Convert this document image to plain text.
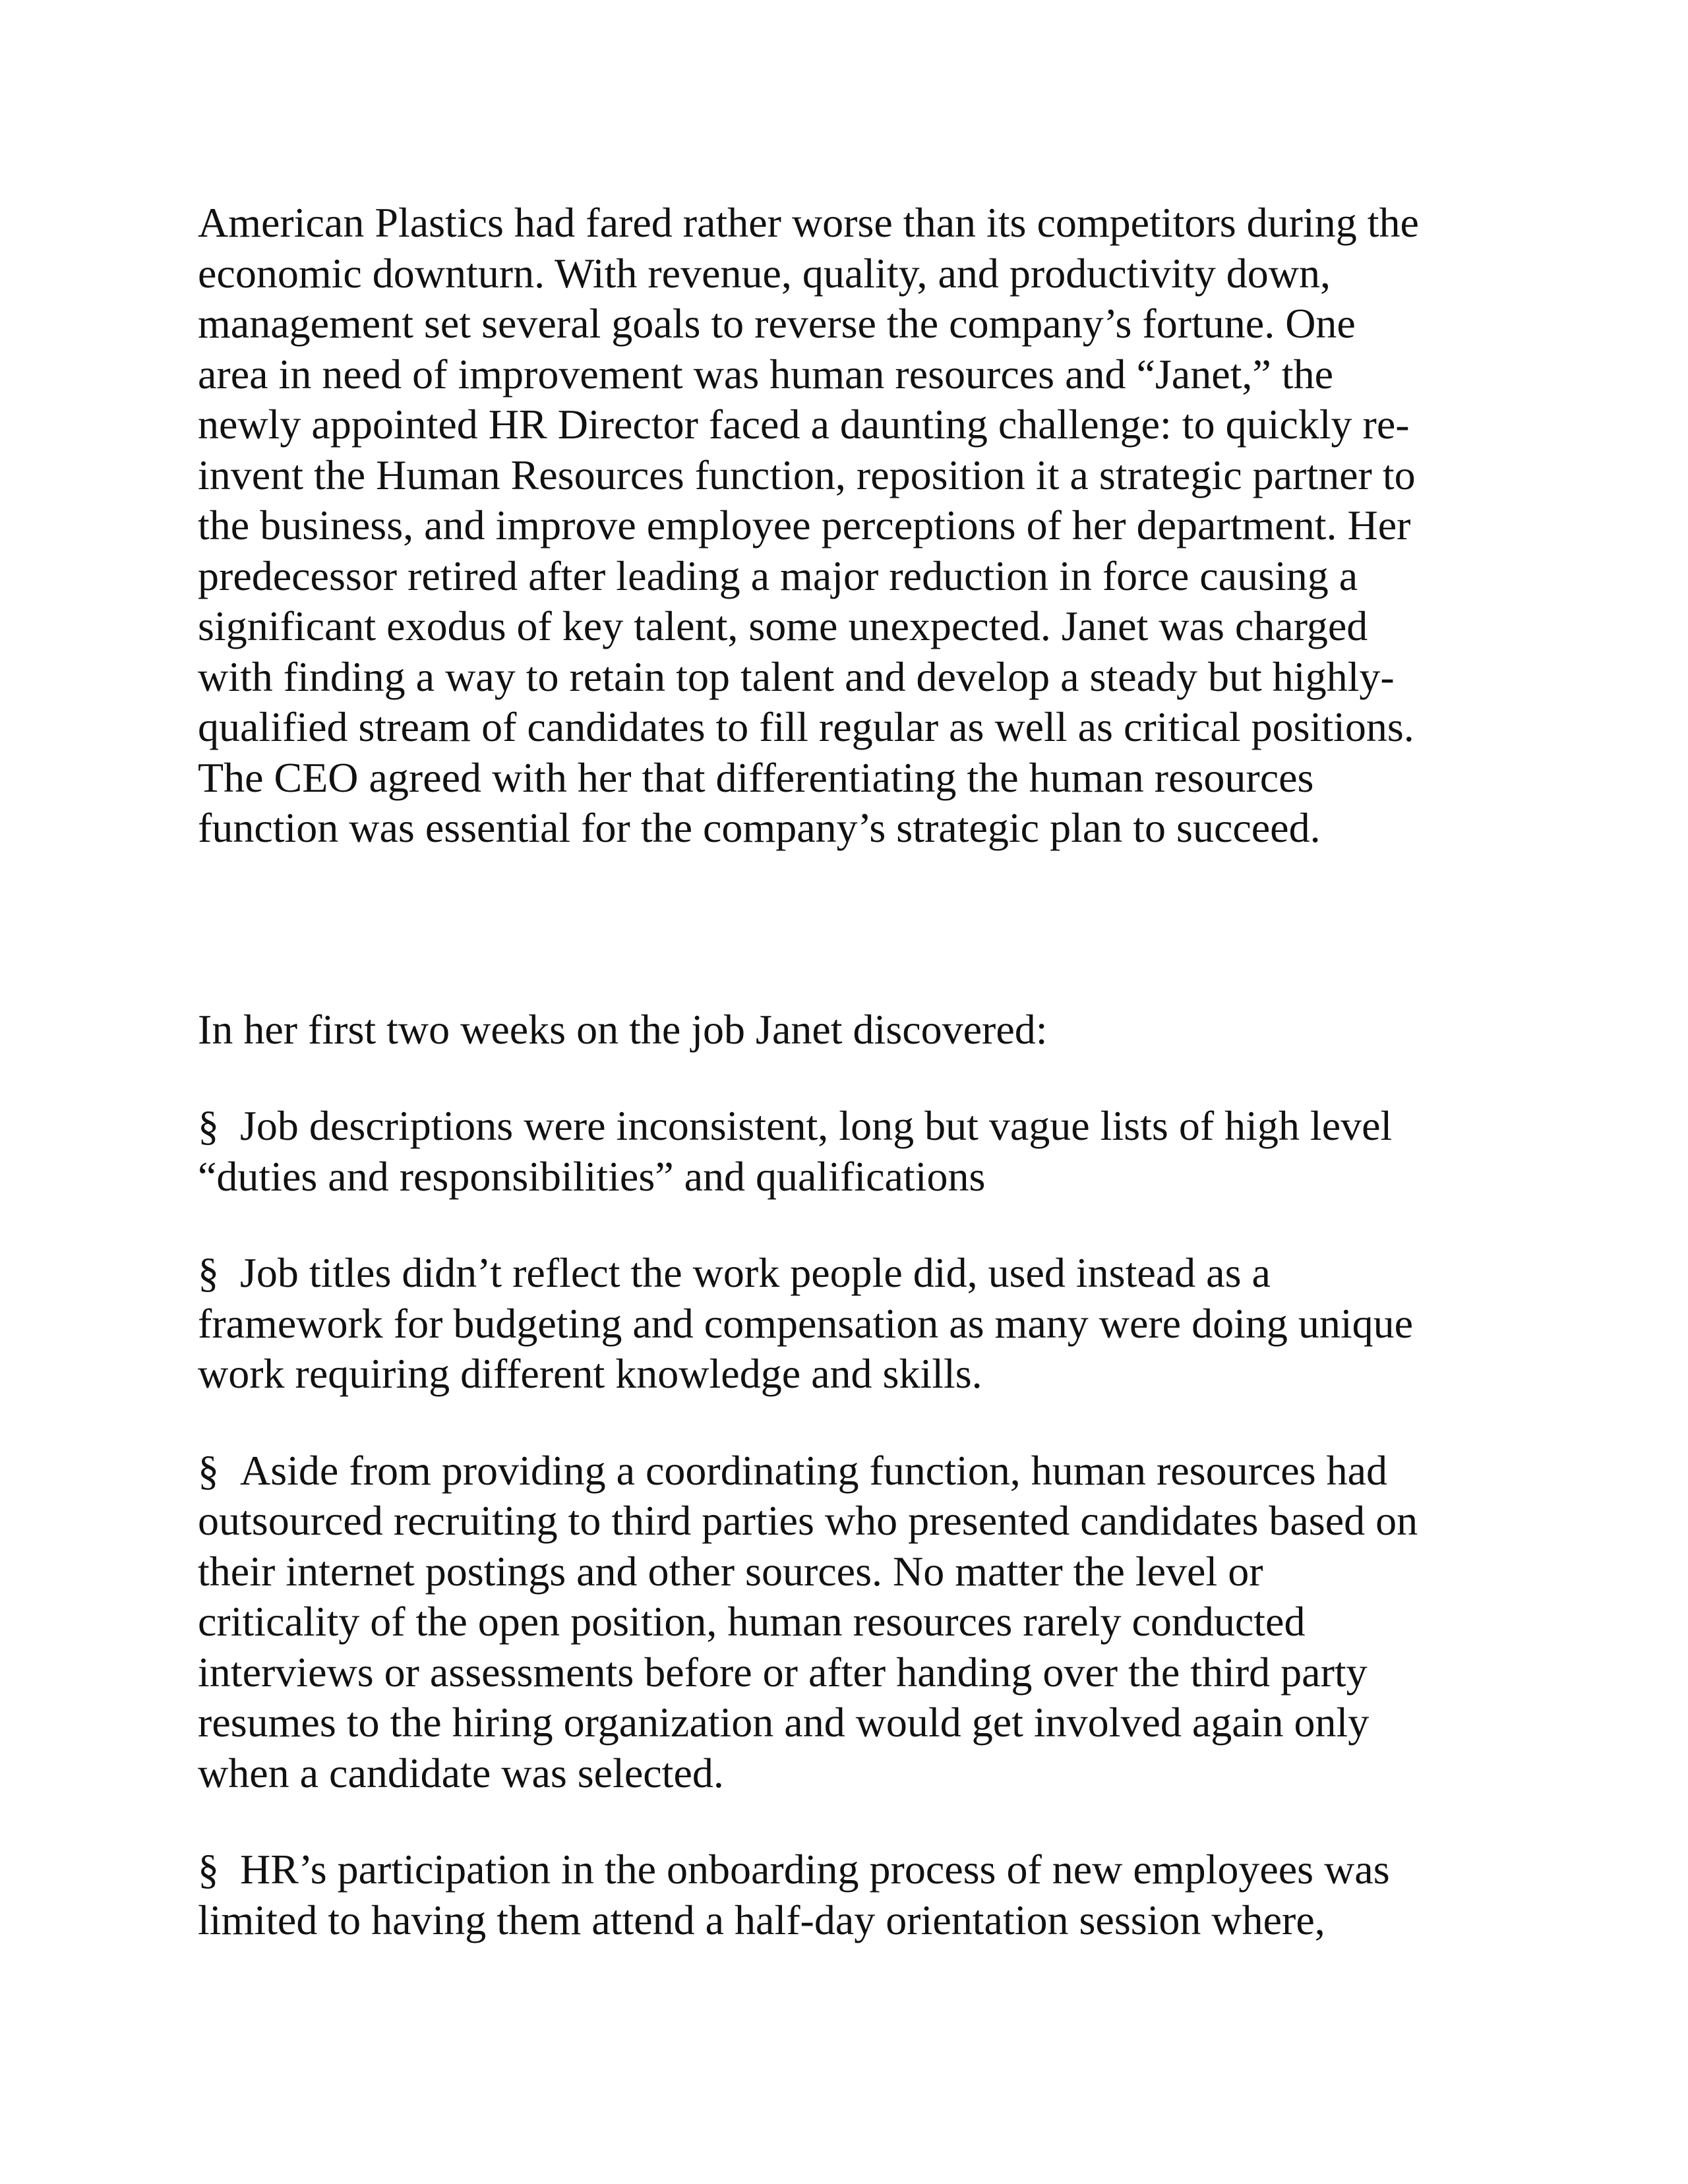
American Plastics had fared rather worse than its competitors during the
economic downturn. With revenue, quality, and productivity down,
management set several goals to reverse the company’s fortune. One
area in need of improvement was human resources and “Janet,” the
newly appointed HR Director faced a daunting challenge: to quickly re-
invent the Human Resources function, reposition it a strategic partner to
the business, and improve employee perceptions of her department. Her
predecessor retired after leading a major reduction in force causing a
significant exodus of key talent, some unexpected. Janet was charged
with finding a way to retain top talent and develop a steady but highly-
qualified stream of candidates to fill regular as well as critical positions.
The CEO agreed with her that differentiating the human resources
function was essential for the company’s strategic plan to succeed.

In her first two weeks on the job Janet discovered:

§ Job descriptions were inconsistent, long but vague lists of high level
“duties and responsibilities” and qualifications

§ Job titles didn’t reflect the work people did, used instead as a
framework for budgeting and compensation as many were doing unique
work requiring different knowledge and skills.

§ Aside from providing a coordinating function, human resources had
outsourced recruiting to third parties who presented candidates based on
their internet postings and other sources. No matter the level or
criticality of the open position, human resources rarely conducted
interviews or assessments before or after handing over the third party
resumes to the hiring organization and would get involved again only
when a candidate was selected.

§ HR’s participation in the onboarding process of new employees was
limited to having them attend a half-day orientation session where,
